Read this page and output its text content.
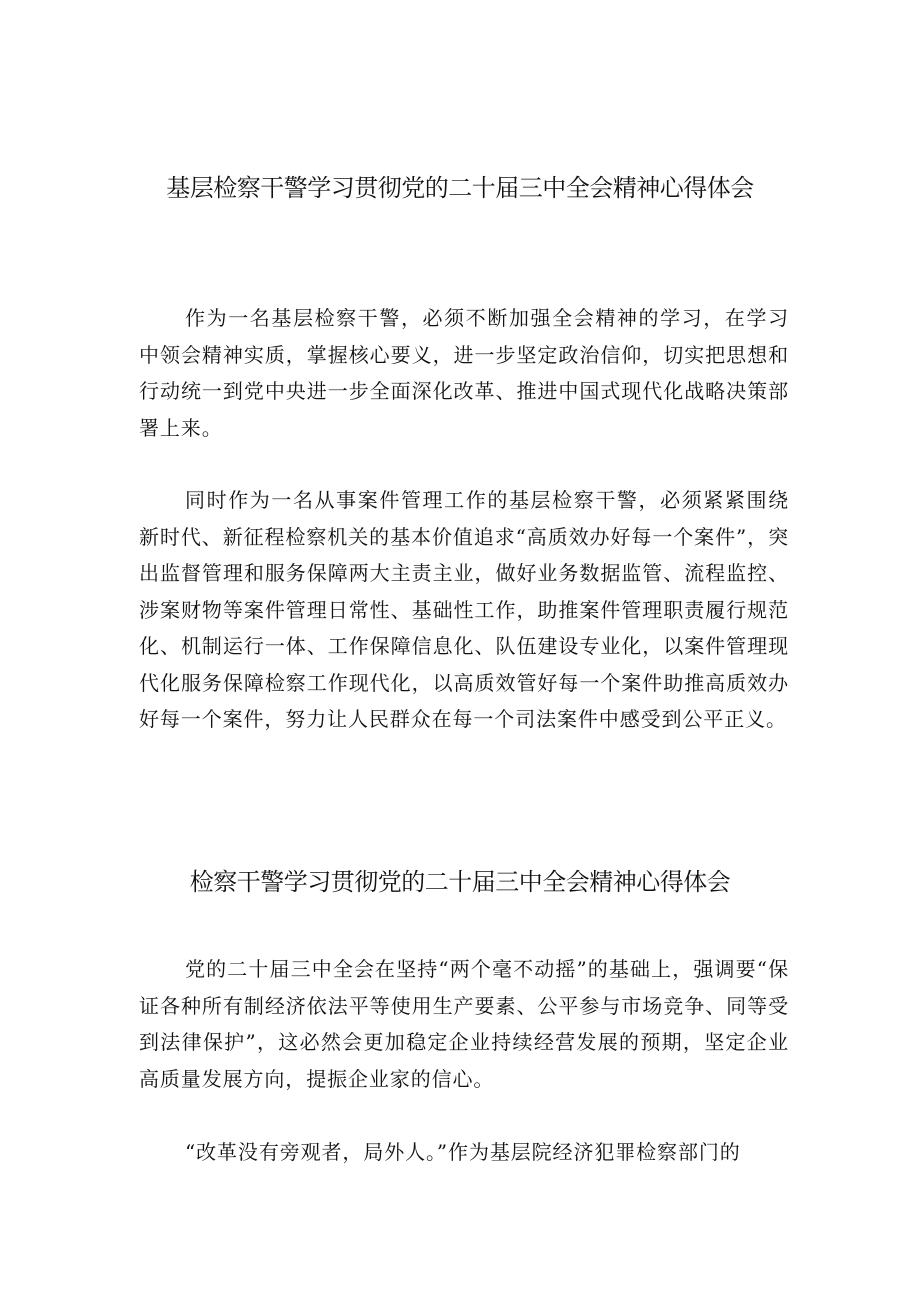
基层检察干警学习贯彻党的二十届三中全会精神心得体会

作为一名基层检察干警，必须不断加强全会精神的学习，在学习中领会精神实质，掌握核心要义，进一步坚定政治信仰，切实把思想和行动统一到党中央进一步全面深化改革、推进中国式现代化战略决策部署上来。

同时作为一名从事案件管理工作的基层检察干警，必须紧紧围绕新时代、新征程检察机关的基本价值追求“高质效办好每一个案件”，突出监督管理和服务保障两大主责主业，做好业务数据监管、流程监控、涉案财物等案件管理日常性、基础性工作，助推案件管理职责履行规范化、机制运行一体、工作保障信息化、队伍建设专业化，以案件管理现代化服务保障检察工作现代化，以高质效管好每一个案件助推高质效办好每一个案件，努力让人民群众在每一个司法案件中感受到公平正义。

检察干警学习贯彻党的二十届三中全会精神心得体会

党的二十届三中全会在坚持“两个毫不动摇”的基础上，强调要“保证各种所有制经济依法平等使用生产要素、公平参与市场竞争、同等受到法律保护”，这必然会更加稳定企业持续经营发展的预期，坚定企业高质量发展方向，提振企业家的信心。

“改革没有旁观者，局外人。”作为基层院经济犯罪检察部门的
